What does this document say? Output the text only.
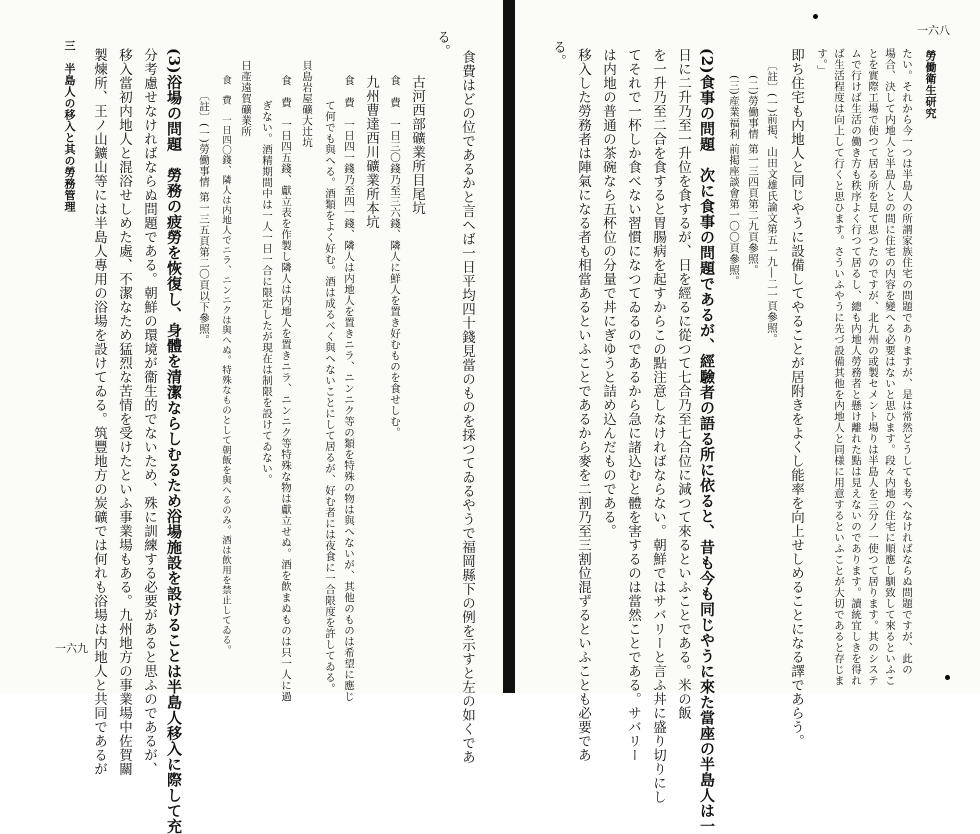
勞働衛生研究
一六八
たい。それから今一つは半島人の所謂家族住宅の問題でありますが、是は常然どうしても考へなければならぬ問題ですが、此の
場合、決して内地人と半島人との間に住宅の内容を變へる必要はないと思ひます。段々内地の住宅に順應し馴致して來るといふこ
とを實際工場で使つて居る所を見て思つたのですが、北九州の或製セメント場りは半島人を三分ノ一使つて居ります。其のシステ
ムで行けば生活の働き方も秩序よく行つて居るし、總も内地人勞務者と懸け離れた點は見えないのであります。讀統宜しきを得れ
ば生活程度は向上して行くと思ひます。さういふやうに先づ設備其他を内地人と同様に用意するといふことが大切であると存じま
す。」
即ち住宅も内地人と同じやうに設備してやることが居附きをよくし能率を向上せしめることになる譯であらう。
〔註〕(一)前掲、山田文雄氏論文第五一九―二一頁參照。
(二)勞働事情 第一三四頁第二九頁參照。
(三)産業福利 前掲座談會第一〇〇頁參照。
(2)食事の問題　次に食事の問題であるが、經驗者の語る所に依ると、昔も今も同じやうに來た當座の半島人は一
日に二升乃至一升位を食するが、日を經るに從つて七合乃至七合位に減つて來るといふことである。米の飯
を一升乃至二合を食すると胃腸病を起すからこの點注意しなければならない。朝鮮ではサバリーと言ふ丼に盛り切りにし
てそれで一杯しか食べない習慣になつてゐるのであるから急に諸込むと體を害するのは當然ことである。サバリー
は内地の普通の茶碗なら五杯位の分量で丼にぎゆうと詰め込んだものである。
移入した勞務者は陣氣になる者も相當あるといふことであるから麥を二割乃至三割位混ずるといふことも必要であ
る。
一六九	食費はどの位であるかと言へば一日平均四十錢見當のものを採つてゐるやうで福岡縣下の例を示すと左の如くであ
る。
古河西部礦業所目尾坑
食　費　一日三〇錢乃至三六錢、隣人に鮮人を置き好むものを食せしむ。
九州曹達西川礦業所本坑
食　費　一日四一錢乃至四一錢、隣人は内地人を置きニラ、ニンニク等の類を特殊の物は與へないが、其他のものは希望に應じ
て何でも與へる。酒類をよく好む。酒は成るべく與へないことにして居るが、好む者には夜食に一合限度を許してゐる。
貝島岩屋礦大辻坑
食　費　一日四五錢、獻立表を作製し隣人は内地人を置きニラ、ニンニク等特殊な物は獻立せぬ。酒を飲まぬものは只一人に過
ぎない。酒精期間中は一人一日一合に限定したが現在は制限を設けてゐない。
日產遠賀礦業所
食　費　一日四〇錢、隣人は内地人でニラ、ニンニクは與へぬ。特殊なものとして朝飯を與へるのみ。酒は飲用を禁止してゐる。
〔註〕(一)勞働事情 第一三五頁第二〇頁以下參照。
(3)浴場の問題　勞務の疲勞を恢復し、身體を清潔ならしむるため浴場施設を設けることは半島人移入に際して充
分考慮せなければならぬ問題である。朝鮮の環境が衞生的でないため、殊に訓練する必要があると思ふのであるが、
移入當初内地人と混浴せしめた處、不潔なため猛烈な苦情を受けたといふ事業場もある。九州地方の事業場中佐賀關
製煉所、王ノ山鑛山等には半島人專用の浴場を設けてゐる。筑豐地方の炭礦では何れも浴場は内地人と共同であるが
三　半島人の移入と其の勞務管理
